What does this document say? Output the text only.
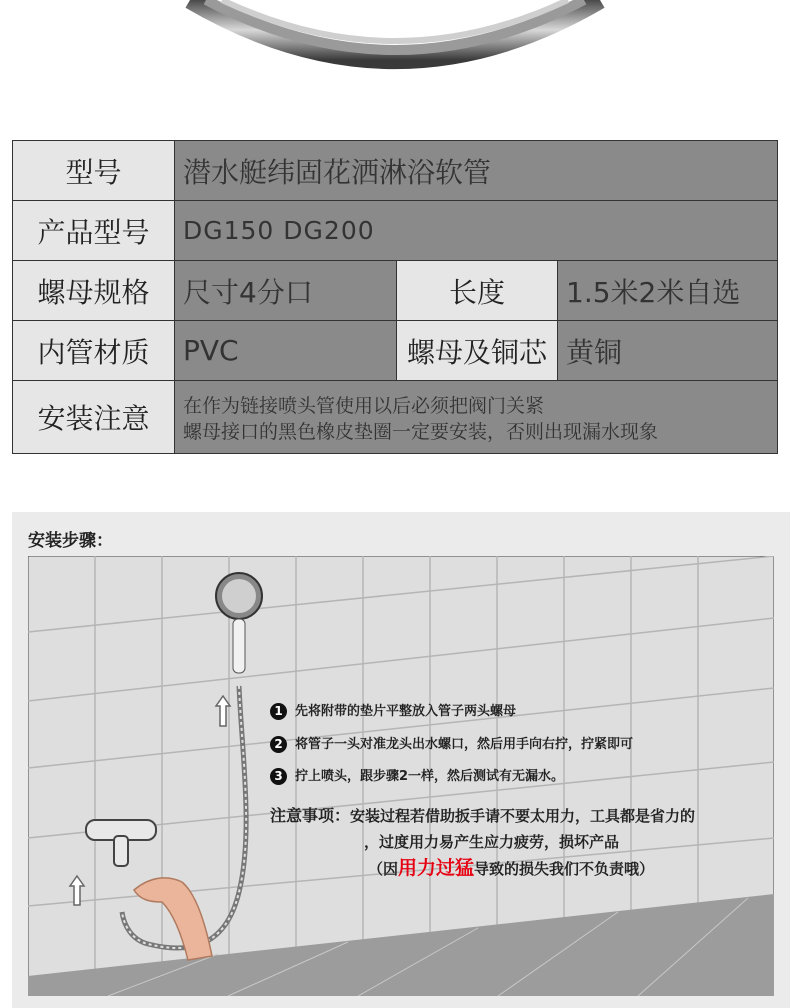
型号	潜水艇纬固花洒淋浴软管		
产品型号	DG150 DG200		
螺母规格	尺寸4分口	长度	1.5米2米自选
内管材质	PVC	螺母及铜芯	黄铜
安装注意	在作为链接喷头管使用以后必须把阀门关紧
螺母接口的黑色橡皮垫圈一定要安装，否则出现漏水现象		
安装步骤：
1 先将附带的垫片平整放入管子两头螺母
2 将管子一头对准龙头出水螺口，然后用手向右拧，拧紧即可
3 拧上喷头，跟步骤2一样，然后测试有无漏水。
注意事项：安装过程若借助扳手请不要太用力，工具都是省力的
，过度用力易产生应力疲劳，损坏产品
（因用力过猛导致的损失我们不负责哦）
